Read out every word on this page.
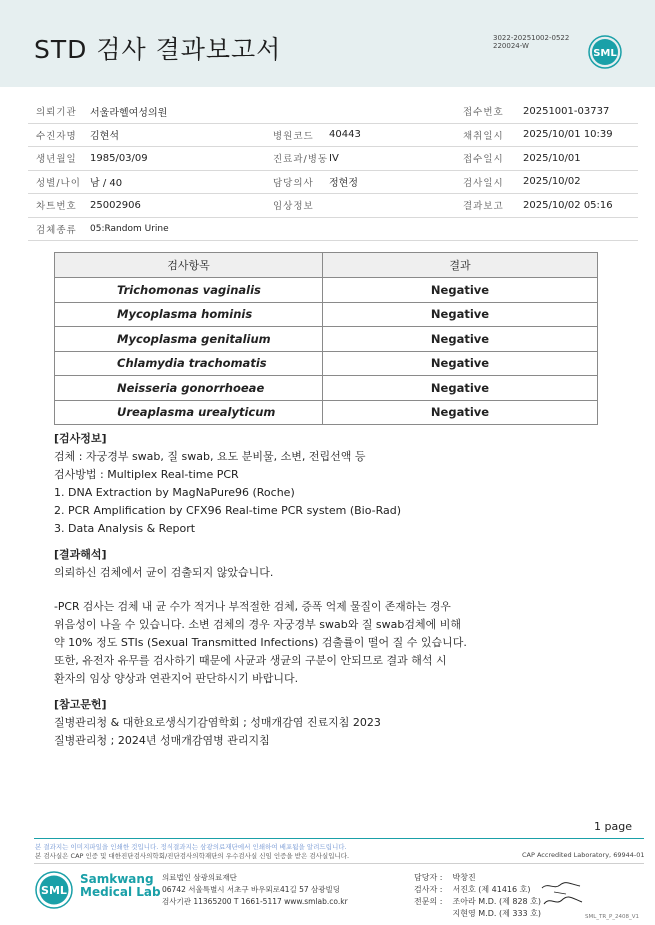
STD 검사 결과보고서	3022-20251002-0522
220024-W
SML
의뢰기관	서울라헬여성의원			접수번호	20251001-03737
수진자명	김현석	병원코드	40443		채취일시	2025/10/01 10:39
생년월일	1985/03/09	진료과/병동	IV		접수일시	2025/10/01
성별/나이	남 / 40	담당의사	정현정		검사일시	2025/10/02
차트번호	25002906	임상정보			결과보고	2025/10/02 05:16
검체종류	05:Random Urine				
검사항목	결과
Trichomonas vaginalis	Negative
Mycoplasma hominis	Negative
Mycoplasma genitalium	Negative
Chlamydia trachomatis	Negative
Neisseria gonorrhoeae	Negative
Ureaplasma urealyticum	Negative
[검사정보]
검체 : 자궁경부 swab, 질 swab, 요도 분비물, 소변, 전립선액 등
검사방법 : Multiplex Real-time PCR
1. DNA Extraction by MagNaPure96 (Roche)
2. PCR Amplification by CFX96 Real-time PCR system (Bio-Rad)
3. Data Analysis & Report
[결과해석]
의뢰하신 검체에서 균이 검출되지 않았습니다.
-PCR 검사는 검체 내 균 수가 적거나 부적절한 검체, 증폭 억제 물질이 존재하는 경우
위음성이 나올 수 있습니다. 소변 검체의 경우 자궁경부 swab와 질 swab검체에 비해
약 10% 정도 STIs (Sexual Transmitted Infections) 검출률이 떨어 질 수 있습니다.
또한, 유전자 유무를 검사하기 때문에 사균과 생균의 구분이 안되므로 결과 해석 시
환자의 임상 양상과 연관지어 판단하시기 바랍니다.
[참고문헌]
질병관리청 & 대한요로생식기감염학회 ; 성매개감염 진료지침 2023
질병관리청 ; 2024년 성매개감염병 관리지침
1 page
본 결과지는 이미지파일을 인쇄한 것입니다. 정식결과지는 삼광의료재단에서 인쇄하여 배포됨을 알려드립니다.
본 검사실은 CAP 인증 및 대한진단검사의학회/진단검사의학재단의 우수검사실 신임 인증을 받은 검사실입니다.	CAP Accredited Laboratory, 69944-01
SML
Samkwang
Medical Lab
의료법인 삼광의료재단
06742 서울특별시 서초구 바우뫼로41길 57 삼광빌딩
검사기관 11365200 T 1661-5117 www.smlab.co.kr
담당자 : 박창진
검사자 : 서진호 (제 41416 호)
전문의 : 조아라 M.D. (제 828 호)
지현영 M.D. (제 333 호)	SML_TR_P_2408_V1
